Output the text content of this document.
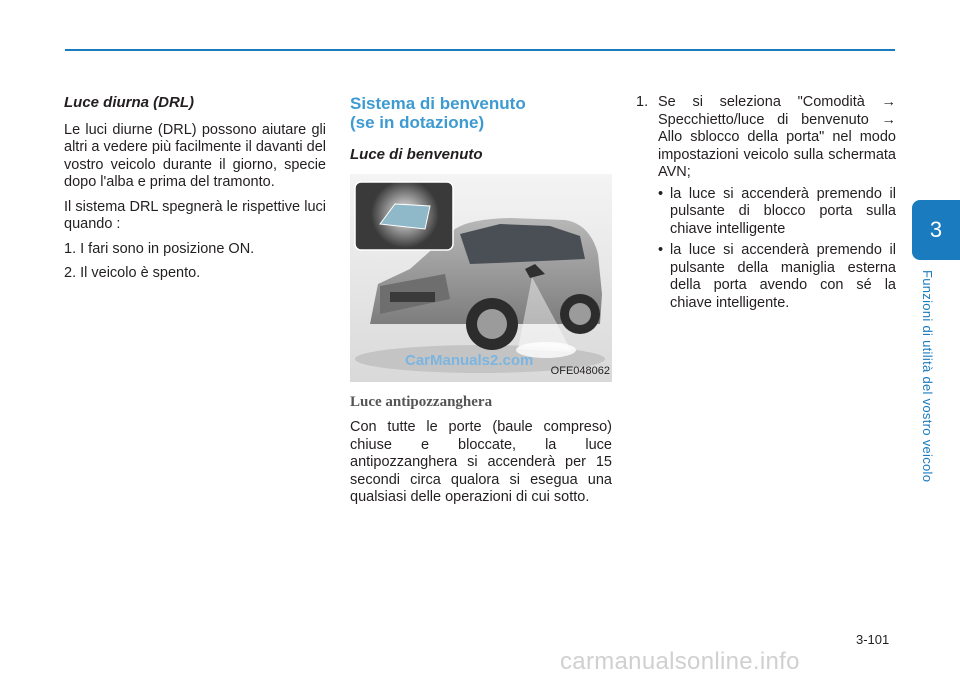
Luce diurna (DRL)
Le luci diurne (DRL) possono aiutare gli altri a vedere più facilmente il davanti del vostro veicolo durante il giorno, specie dopo l'alba e prima del tramonto.
Il sistema DRL spegnerà le rispettive luci quando :
1. I fari sono in posizione ON.
2. Il veicolo è spento.
Sistema di benvenuto
(se in dotazione)
Luce di benvenuto
CarManuals2.com
OFE048062
Luce antipozzanghera
Con tutte le porte (baule compreso) chiuse e bloccate, la luce antipozzanghera si accenderà per 15 secondi circa qualora si esegua una qualsiasi delle operazioni di cui sotto.
1. Se si seleziona "Comodità → Specchietto/luce di benvenuto → Allo sblocco della porta" nel modo impostazioni veicolo sulla schermata AVN;
• la luce si accenderà premendo il pulsante di blocco porta sulla chiave intelligente
• la luce si accenderà premendo il pulsante della maniglia esterna della porta avendo con sé la chiave intelligente.
3
Funzioni di utilità del vostro veicolo
3-101
carmanualsonline.info
